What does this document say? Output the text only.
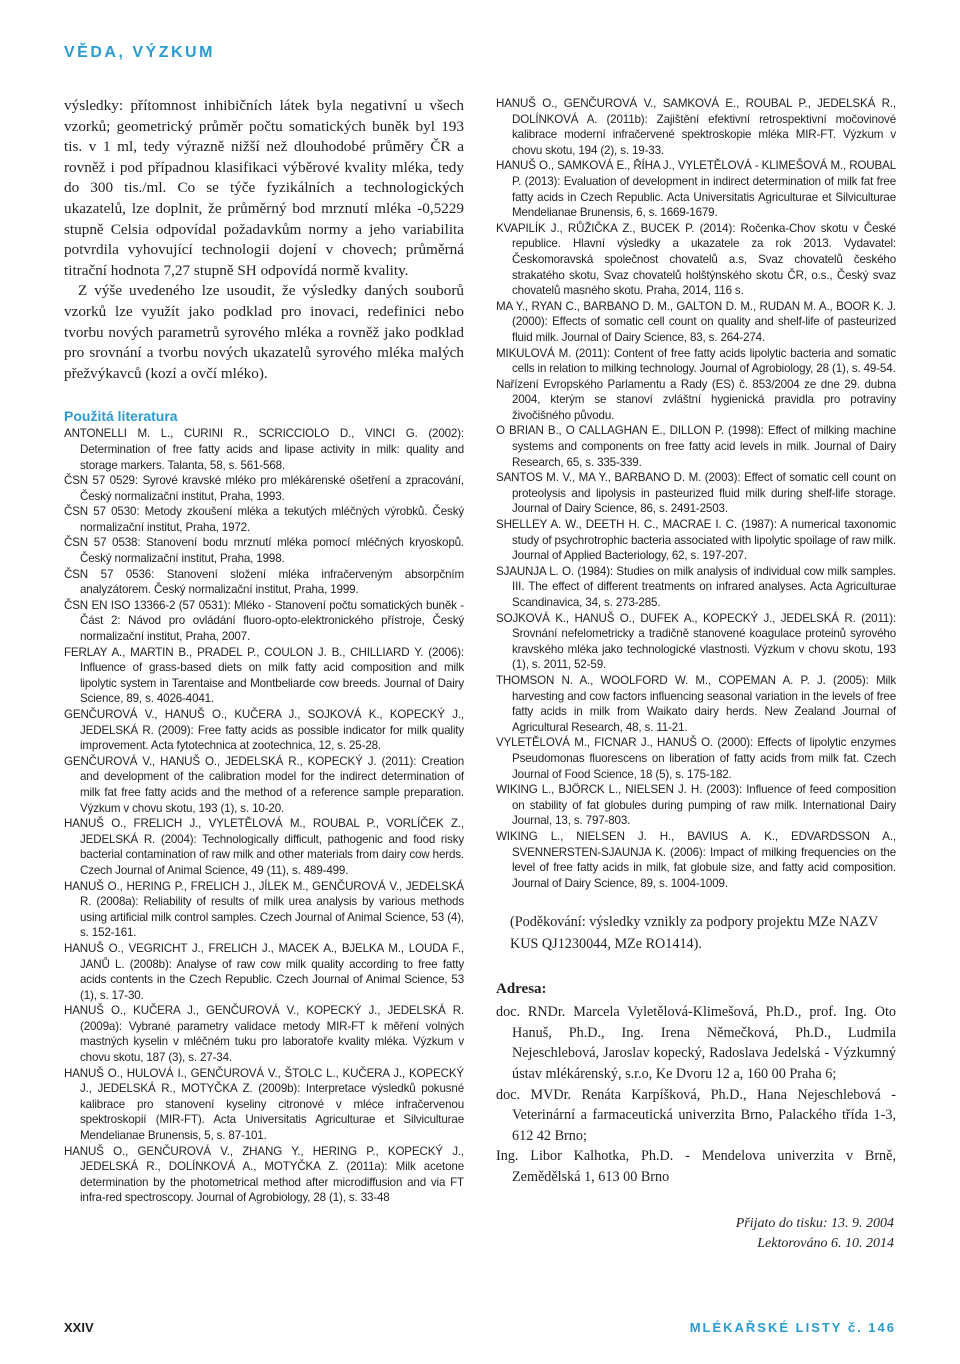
VĚDA, VÝZKUM

výsledky: přítomnost inhibičních látek byla negativní u všech vzorků; geometrický průměr počtu somatických buněk byl 193 tis. v 1 ml, tedy výrazně nižší než dlouhodobé průměry ČR a rovněž i pod případnou klasifikaci výběrové kvality mléka, tedy do 300 tis./ml. Co se týče fyzikálních a technologických ukazatelů, lze doplnit, že průměrný bod mrznutí mléka -0,5229 stupně Celsia odpovídal požadavkům normy a jeho variabilita potvrdila vyhovující technologii dojení v chovech; průměrná titrační hodnota 7,27 stupně SH odpovídá normě kvality.

Z výše uvedeného lze usoudit, že výsledky daných souborů vzorků lze využít jako podklad pro inovaci, redefinici nebo tvorbu nových parametrů syrového mléka a rovněž jako podklad pro srovnání a tvorbu nových ukazatelů syrového mléka malých přežvýkavců (kozí a ovčí mléko).

Použitá literatura

ANTONELLI M. L., CURINI R., SCRICCIOLO D., VINCI G. (2002): Determination of free fatty acids and lipase activity in milk: quality and storage markers. Talanta, 58, s. 561-568.

ČSN 57 0529: Syrové kravské mléko pro mlékárenské ošetření a zpracování, Český normalizační institut, Praha, 1993.

ČSN 57 0530: Metody zkoušení mléka a tekutých mléčných výrobků. Český normalizační institut, Praha, 1972.

ČSN 57 0538: Stanovení bodu mrznutí mléka pomocí mléčných kryoskopů. Český normalizační institut, Praha, 1998.

ČSN 57 0536: Stanovení složení mléka infračerveným absorpčním analyzátorem. Český normalizační institut, Praha, 1999.

ČSN EN ISO 13366-2 (57 0531): Mléko - Stanovení počtu somatických buněk - Část 2: Návod pro ovládání fluoro-opto-elektronického přístroje, Český normalizační institut, Praha, 2007.

FERLAY A., MARTIN B., PRADEL P., COULON J. B., CHILLIARD Y. (2006): Influence of grass-based diets on milk fatty acid composition and milk lipolytic system in Tarentaise and Montbeliarde cow breeds. Journal of Dairy Science, 89, s. 4026-4041.

GENČUROVÁ V., HANUŠ O., KUČERA J., SOJKOVÁ K., KOPECKÝ J., JEDELSKÁ R. (2009): Free fatty acids as possible indicator for milk quality improvement. Acta fytotechnica at zootechnica, 12, s. 25-28.

GENČUROVÁ V., HANUŠ O., JEDELSKÁ R., KOPECKÝ J. (2011): Creation and development of the calibration model for the indirect determination of milk fat free fatty acids and the method of a reference sample preparation. Výzkum v chovu skotu, 193 (1), s. 10-20.

HANUŠ O., FRELICH J., VYLETĚLOVÁ M., ROUBAL P., VORLÍČEK Z., JEDELSKÁ R. (2004): Technologically difficult, pathogenic and food risky bacterial contamination of raw milk and other materials from dairy cow herds. Czech Journal of Animal Science, 49 (11), s. 489-499.

HANUŠ O., HERING P., FRELICH J., JÍLEK M., GENČUROVÁ V., JEDELSKÁ R. (2008a): Reliability of results of milk urea analysis by various methods using artificial milk control samples. Czech Journal of Animal Science, 53 (4), s. 152-161.

HANUŠ O., VEGRICHT J., FRELICH J., MACEK A., BJELKA M., LOUDA F., JANŮ L. (2008b): Analyse of raw cow milk quality according to free fatty acids contents in the Czech Republic. Czech Journal of Animal Science, 53 (1), s. 17-30.

HANUŠ O., KUČERA J., GENČUROVÁ V., KOPECKÝ J., JEDELSKÁ R. (2009a): Vybrané parametry validace metody MIR-FT k měření volných mastných kyselin v mléčném tuku pro laboratoře kvality mléka. Výzkum v chovu skotu, 187 (3), s. 27-34.

HANUŠ O., HULOVÁ I., GENČUROVÁ V., ŠTOLC L., KUČERA J., KOPECKÝ J., JEDELSKÁ R., MOTYČKA Z. (2009b): Interpretace výsledků pokusné kalibrace pro stanovení kyseliny citronové v mléce infračervenou spektroskopií (MIR-FT). Acta Universitatis Agriculturae et Silviculturae Mendelianae Brunensis, 5, s. 87-101.

HANUŠ O., GENČUROVÁ V., ZHANG Y., HERING P., KOPECKÝ J., JEDELSKÁ R., DOLÍNKOVÁ A., MOTYČKA Z. (2011a): Milk acetone determination by the photometrical method after microdiffusion and via FT infra-red spectroscopy. Journal of Agrobiology, 28 (1), s. 33-48

HANUŠ O., GENČUROVÁ V., SAMKOVÁ E., ROUBAL P., JEDELSKÁ R., DOLÍNKOVÁ A. (2011b): Zajištění efektivní retrospektivní močovinové kalibrace moderní infračervené spektroskopie mléka MIR-FT. Výzkum v chovu skotu, 194 (2), s. 19-33.

HANUŠ O., SAMKOVÁ E., ŘÍHA J., VYLETĚLOVÁ - KLIMEŠOVÁ M., ROUBAL P. (2013): Evaluation of development in indirect determination of milk fat free fatty acids in Czech Republic. Acta Universitatis Agriculturae et Silviculturae Mendelianae Brunensis, 6, s. 1669-1679.

KVAPILÍK J., RŮŽIČKA Z., BUCEK P. (2014): Ročenka-Chov skotu v České republice. Hlavní výsledky a ukazatele za rok 2013. Vydavatel: Českomoravská společnost chovatelů a.s, Svaz chovatelů českého strakatého skotu, Svaz chovatelů holštýnského skotu ČR, o.s., Český svaz chovatelů masného skotu. Praha, 2014, 116 s.

MA Y., RYAN C., BARBANO D. M., GALTON D. M., RUDAN M. A., BOOR K. J. (2000): Effects of somatic cell count on quality and shelf-life of pasteurized fluid milk. Journal of Dairy Science, 83, s. 264-274.

MIKULOVÁ M. (2011): Content of free fatty acids lipolytic bacteria and somatic cells in relation to milking technology. Journal of Agrobiology, 28 (1), s. 49-54.

Nařízení Evropského Parlamentu a Rady (ES) č. 853/2004 ze dne 29. dubna 2004, kterým se stanoví zvláštní hygienická pravidla pro potraviny živočišného původu.

O BRIAN B., O CALLAGHAN E., DILLON P. (1998): Effect of milking machine systems and components on free fatty acid levels in milk. Journal of Dairy Research, 65, s. 335-339.

SANTOS M. V., MA Y., BARBANO D. M. (2003): Effect of somatic cell count on proteolysis and lipolysis in pasteurized fluid milk during shelf-life storage. Journal of Dairy Science, 86, s. 2491-2503.

SHELLEY A. W., DEETH H. C., MACRAE I. C. (1987): A numerical taxonomic study of psychrotrophic bacteria associated with lipolytic spoilage of raw milk. Journal of Applied Bacteriology, 62, s. 197-207.

SJAUNJA L. O. (1984): Studies on milk analysis of individual cow milk samples. III. The effect of different treatments on infrared analyses. Acta Agriculturae Scandinavica, 34, s. 273-285.

SOJKOVÁ K., HANUŠ O., DUFEK A., KOPECKÝ J., JEDELSKÁ R. (2011): Srovnání nefelometricky a tradičně stanovené koagulace proteinů syrového kravského mléka jako technologické vlastnosti. Výzkum v chovu skotu, 193 (1), s. 2011, 52-59.

THOMSON N. A., WOOLFORD W. M., COPEMAN A. P. J. (2005): Milk harvesting and cow factors influencing seasonal variation in the levels of free fatty acids in milk from Waikato dairy herds. New Zealand Journal of Agricultural Research, 48, s. 11-21.

VYLETĚLOVÁ M., FICNAR J., HANUŠ O. (2000): Effects of lipolytic enzymes Pseudomonas fluorescens on liberation of fatty acids from milk fat. Czech Journal of Food Science, 18 (5), s. 175-182.

WIKING L., BJÖRCK L., NIELSEN J. H. (2003): Influence of feed composition on stability of fat globules during pumping of raw milk. International Dairy Journal, 13, s. 797-803.

WIKING L., NIELSEN J. H., BAVIUS A. K., EDVARDSSON A., SVENNERSTEN-SJAUNJA K. (2006): Impact of milking frequencies on the level of free fatty acids in milk, fat globule size, and fatty acid composition. Journal of Dairy Science, 89, s. 1004-1009.

(Poděkování: výsledky vznikly za podpory projektu MZe NAZV KUS QJ1230044, MZe RO1414).

Adresa:

doc. RNDr. Marcela Vyletělová-Klimešová, Ph.D., prof. Ing. Oto Hanuš, Ph.D., Ing. Irena Němečková, Ph.D., Ludmila Nejeschlebová, Jaroslav kopecký, Radoslava Jedelská - Výzkumný ústav mlékárenský, s.r.o, Ke Dvoru 12 a, 160 00 Praha 6;

doc. MVDr. Renáta Karpíšková, Ph.D., Hana Nejeschlebová - Veterinární a farmaceutická univerzita Brno, Palackého třída 1-3, 612 42 Brno;

Ing. Libor Kalhotka, Ph.D. - Mendelova univerzita v Brně, Zemědělská 1, 613 00 Brno

Přijato do tisku: 13. 9. 2004
Lektorováno 6. 10. 2014
XXIV	MLÉKAŘSKÉ LISTY č. 146
